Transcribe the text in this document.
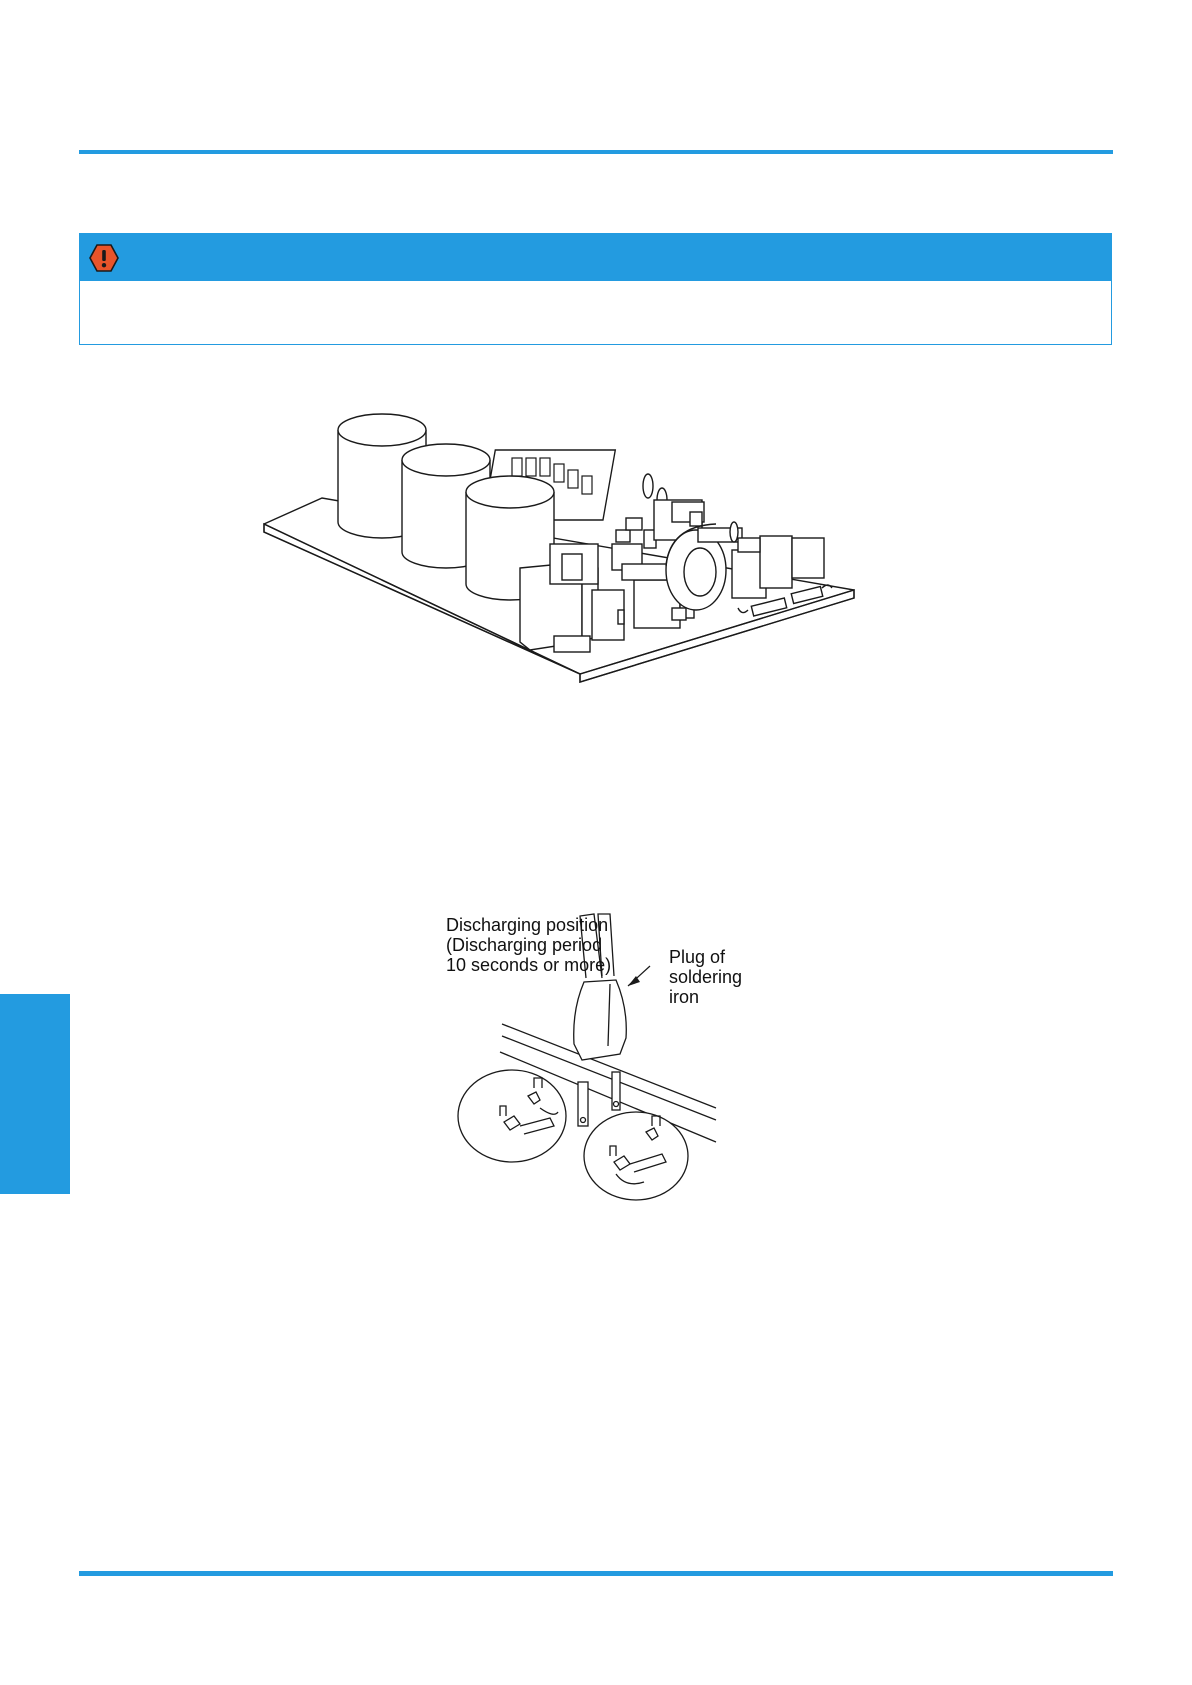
Discharging position
(Discharging period
10 seconds or more)	Plug of
soldering
iron
